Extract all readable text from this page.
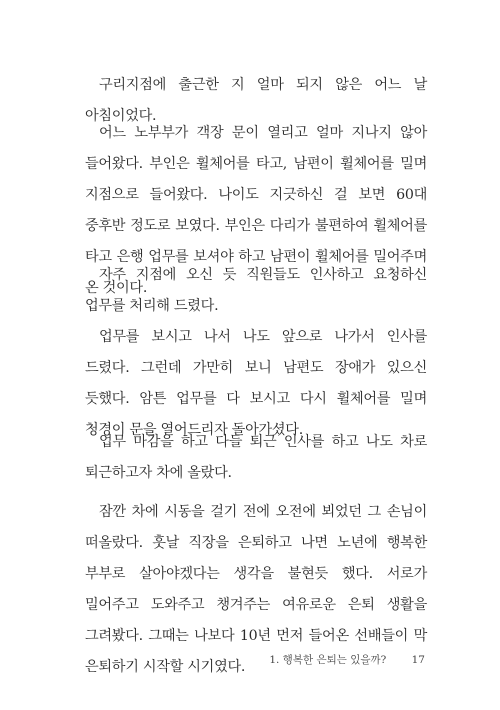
구리지점에 출근한 지 얼마 되지 않은 어느 날 아침이었다.

어느 노부부가 객장 문이 열리고 얼마 지나지 않아 들어왔다. 부인은 휠체어를 타고, 남편이 휠체어를 밀며 지점으로 들어왔다. 나이도 지긋하신 걸 보면 60대 중후반 정도로 보였다. 부인은 다리가 불편하여 휠체어를 타고 은행 업무를 보셔야 하고 남편이 휠체어를 밀어주며 온 것이다.

자주 지점에 오신 듯 직원들도 인사하고 요청하신 업무를 처리해 드렸다.

업무를 보시고 나서 나도 앞으로 나가서 인사를 드렸다. 그런데 가만히 보니 남편도 장애가 있으신 듯했다. 암튼 업무를 다 보시고 다시 휠체어를 밀며 청경이 문을 열어드리자 돌아가셨다.

업무 마감을 하고 다들 퇴근 인사를 하고 나도 차로 퇴근하고자 차에 올랐다.

잠깐 차에 시동을 걸기 전에 오전에 뵈었던 그 손님이 떠올랐다. 훗날 직장을 은퇴하고 나면 노년에 행복한 부부로 살아야겠다는 생각을 불현듯 했다. 서로가 밀어주고 도와주고 챙겨주는 여유로운 은퇴 생활을 그려봤다. 그때는 나보다 10년 먼저 들어온 선배들이 막 은퇴하기 시작할 시기였다.	1. 행복한 은퇴는 있을까? 17
